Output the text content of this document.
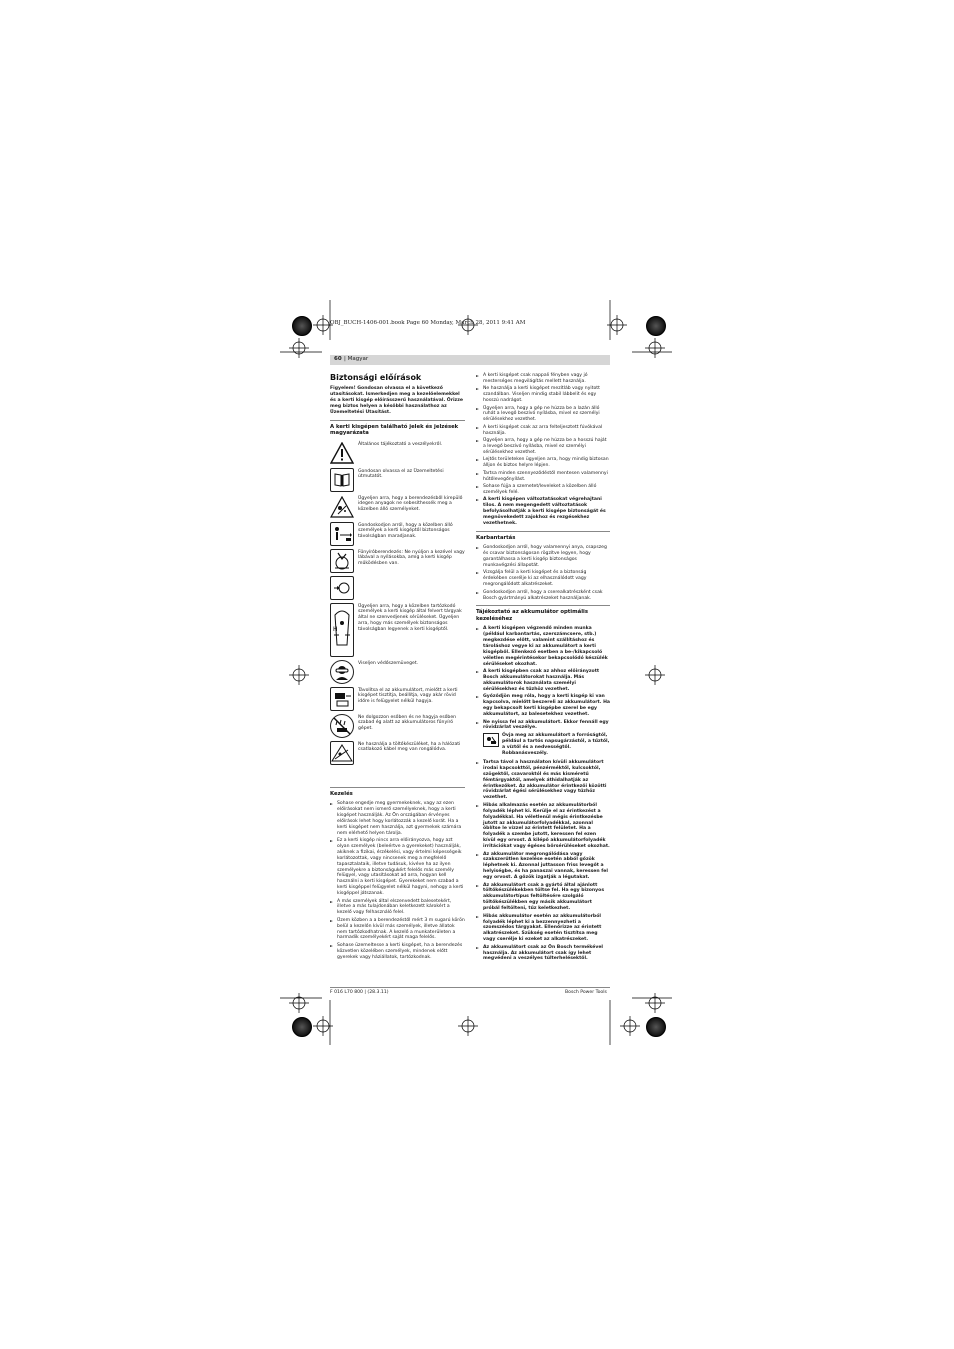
OBJ_BUCH-1406-001.book Page 60 Monday, March 28, 2011 9:41 AM
60 | Magyar
Biztonsági előírások

Figyelem! Gondosan olvassa el a következő utasításokat. Ismerkedjen meg a kezelőelemekkel és a kerti kisgép előírásszerű használatával. Őrizze meg biztos helyen a későbbi használathoz az Üzemeltetési Utasítást.

A kerti kisgépen található jelek és jelzések magyarázata
Általános tájékoztató a veszélyekről.
Gondosan olvassa el az Üzemeltetési útmutatót.
Ügyeljen arra, hogy a berendezésből kirepülő idegen anyagok ne sebesíthessék meg a közelben álló személyeket.
Gondoskodjon arról, hogy a közelben álló személyek a kerti kisgéptől biztonságos távolságban maradjanak.
Fűnyíróberendezés: Ne nyúljon a kezével vagy lábával a nyílásokba, amíg a kerti kisgép működésben van.
H
Ügyeljen arra, hogy a közelben tartózkodó személyek a kerti kisgép által felvert tárgyak által ne szenvedjenek sérüléseket. Ügyeljen arra, hogy más személyek biztonságos távolságban legyenek a kerti kisgéptől.
Viseljen védőszemüveget.
Távolítsa el az akkumulátort, mielőtt a kerti kisgépet tisztítja, beállítja, vagy akár rövid időre is felügyelet nélkül hagyja.
Ne dolgozzon esőben és ne hagyja esőben szabad ég alatt az akkumulátoros fűnyíró gépet.
Ne használja a töltőkészüléket, ha a hálózati csatlakozó kábel meg van rongálódva.
Kezelés
► Sohase engedje meg gyermekeknek, vagy az ezen előírásokat nem ismerő személyeknek, hogy a kerti kisgépet használják. Az Ön országában érvényes előírások lehet hogy korlátozzák a kezelő korát. Ha a kerti kisgépet nem használja, azt gyermekek számára nem elérhető helyen tárolja.
► Ez a kerti kisgép nincs arra előirányozva, hogy azt olyan személyek (beleértve a gyerekeket) használják, akiknek a fizikai, érzékelési, vagy értelmi képességeik korlátozottak, vagy nincsenek meg a megfelelő tapasztalataik, illetve tudásuk, kivéve ha az ilyen személyekre a biztonságukért felelős más személy felügyel, vagy utasításokat ad arra, hogyan kell használni a kerti kisgépet. Gyerekeket nem szabad a kerti kisgéppel felügyelet nélkül hagyni, nehogy a kerti kisgéppel játszanak.
► A más személyek által elszenvedett balesetekért, illetve a más tulajdonában keletkezett károkért a kezelő vagy felhasználó felel.
► Üzem közben a a berendezéstől mért 3 m sugarú körön belül a kezelőn kívül más személyek, illetve állatok nem tartózkodhatnak. A kezelő a munkaterületen a harmadik személyekért saját maga felelős.
► Sohase üzemeltesse a kerti kisgépet, ha a berendezés közvetlen közelében személyek, mindenek előtt gyerekek vagy háziállatok, tartózkodnak.
► A kerti kisgépet csak nappali fényben vagy jó mesterséges megvilágítás mellett használja.
► Ne használja a kerti kisgépet mezítláb vagy nyitott szandálban. Viseljen mindig stabil lábbelit és egy hosszú nadrágot.
► Ügyeljen arra, hogy a gép ne húzza be a lazán álló ruhát a levegő beszívó nyílásba, mivel ez személyi sérülésekhez vezethet.
► A kerti kisgépet csak az arra felteljesztett fúvókával használja.
► Ügyeljen arra, hogy a gép ne húzza be a hosszú haját a levegő beszívó nyílásba, mivel ez személyi sérülésekhez vezethet.
► Lejtős területeken ügyeljen arra, hogy mindig biztosan álljon és biztos helyre lépjen.
► Tartsa minden szennyeződéstől mentesen valamennyi hűtőlevegőnyílást.
► Sohase fújja a szemetet/leveleket a közelben álló személyek felé.
► A kerti kisgépen változtatásokat végrehajtani tilos. A nem megengedett változtatások befolyásolhatják a kerti kisgépe biztonságát és megnövekedett zajokhoz és rezgésekhez vezethetnek.
Karbantartás
► Gondoskodjon arról, hogy valamennyi anya, csapszeg és csavar biztonságosan rögzítve legyen, hogy garantálhassa a kerti kisgép biztonságos munkavégzési állapotát.
► Vizsgálja felül a kerti kisgépet és a biztonság érdekében cserélje ki az elhasználódott vagy megrongálódott alkatrészeket.
► Gondoskodjon arról, hogy a cserealkatrészként csak Bosch gyártmányú alkatrészeket használjanak.
Tájékoztató az akkumulátor optimális kezeléséhez
► A kerti kisgépen végzendő minden munka (például karbantartás, szerszámcsere, stb.) megkezdése előtt, valamint szállításhoz és tároláshoz vegye ki az akkumulátort a kerti kisgépből. Ellenkező esetben a be-/kikapcsoló véletlen megérintésekor bekapcsolódó készülék sérüléseket okozhat.
► A kerti kisgépben csak az ahhoz előirányzott Bosch akkumulátorokat használja. Más akkumulátorok használata személyi sérülésekhez és tűzhöz vezethet.
► Győződjön meg róla, hogy a kerti kisgép ki van kapcsolva, mielőtt beszereli az akkumulátort. Ha egy bekapcsolt kerti kisgépbe szerel be egy akkumulátort, az balesetekhez vezethet.
► Ne nyissa fel az akkumulátort. Ekkor fennáll egy rövidzárlat veszélye.
Óvja meg az akkumulátort a forróságtól, például a tartós napsugárzástól, a tűztől, a víztől és a nedvességtől. Robbanásveszély.
► Tartsa távol a használaton kívüli akkumulátort irodai kapcsokttól, pénzérméktől, kulcsoktól, szögektől, csavaroktól és más kisméretű fémtárgyaktól, amelyek áthidalhatják az érintkezőket. Az akkumulátor érintkezői közötti rövidzárlat égési sérülésekhez vagy tűzhöz vezethet.
► Hibás alkalmazás esetén az akkumulátorból folyadék léphet ki. Kerülje el az érintkezést a folyadékkal. Ha véletlenül mégis érintkezésbe jutott az akkumulátorfolyadékkal, azonnal öblítse le vízzel az érintett felületet. Ha a folyadék a szembe jutott, keressen fel ezen kívül egy orvost. A kilépő akkumulátorfolyadék irritációkat vagy égéses bőrsérüléseket okozhat.
► Az akkumulátor megrongálódása vagy szakszerűtlen kezelése esetén abból gőzök léphetnek ki. Azonnal juttasson friss levegőt a helyiségbe, és ha panaszai vannak, keressen fel egy orvost. A gőzök izgatják a légutakat.
► Az akkumulátort csak a gyártó által ajánlott töltőkészülékekben töltse fel. Ha egy bizonyos akkumulátortípus feltöltésére szolgáló töltőkészülékben egy másik akkumulátort próbál feltölteni, tűz keletkezhet.
► Hibás akkumulátor esetén az akkumulátorból folyadék léphet ki a bezzennyezheti a szomszédos tárgyakat. Ellenőrizze az érintett alkatrészeket. Szükség esetén tisztítsa meg vagy cserélje ki ezeket az alkatrészeket.
► Az akkumulátort csak az Ön Bosch termékével használja. Az akkumulátort csak így lehet megvédeni a veszélyes túlterhelésektől.
F 016 L70 800 | (28.3.11)	Bosch Power Tools
